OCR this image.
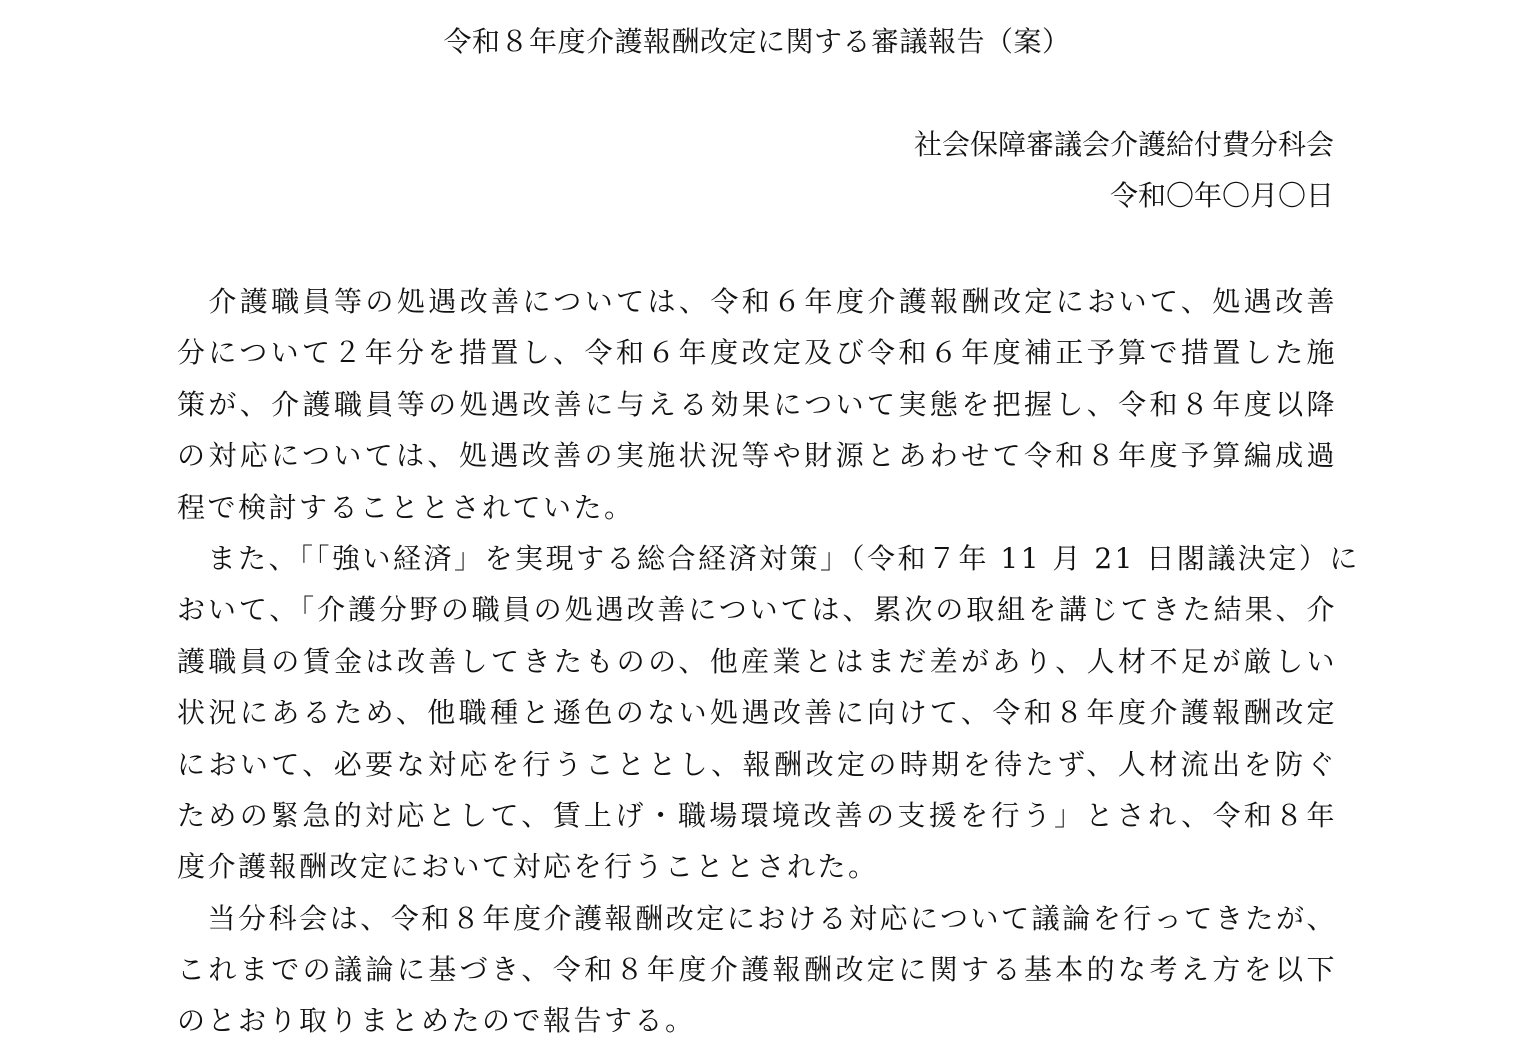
令和８年度介護報酬改定に関する審議報告（案）
社会保障審議会介護給付費分科会
令和〇年〇月〇日
　介護職員等の処遇改善については、令和６年度介護報酬改定において、処遇改善
分について２年分を措置し、令和６年度改定及び令和６年度補正予算で措置した施
策が、介護職員等の処遇改善に与える効果について実態を把握し、令和８年度以降
の対応については、処遇改善の実施状況等や財源とあわせて令和８年度予算編成過
程で検討することとされていた。
　また、「「強い経済」を実現する総合経済対策」（令和７年 11 月 21 日閣議決定）に
おいて、「介護分野の職員の処遇改善については、累次の取組を講じてきた結果、介
護職員の賃金は改善してきたものの、他産業とはまだ差があり、人材不足が厳しい
状況にあるため、他職種と遜色のない処遇改善に向けて、令和８年度介護報酬改定
において、必要な対応を行うこととし、報酬改定の時期を待たず、人材流出を防ぐ
ための緊急的対応として、賃上げ・職場環境改善の支援を行う」とされ、令和８年
度介護報酬改定において対応を行うこととされた。
　当分科会は、令和８年度介護報酬改定における対応について議論を行ってきたが、
これまでの議論に基づき、令和８年度介護報酬改定に関する基本的な考え方を以下
のとおり取りまとめたので報告する。
